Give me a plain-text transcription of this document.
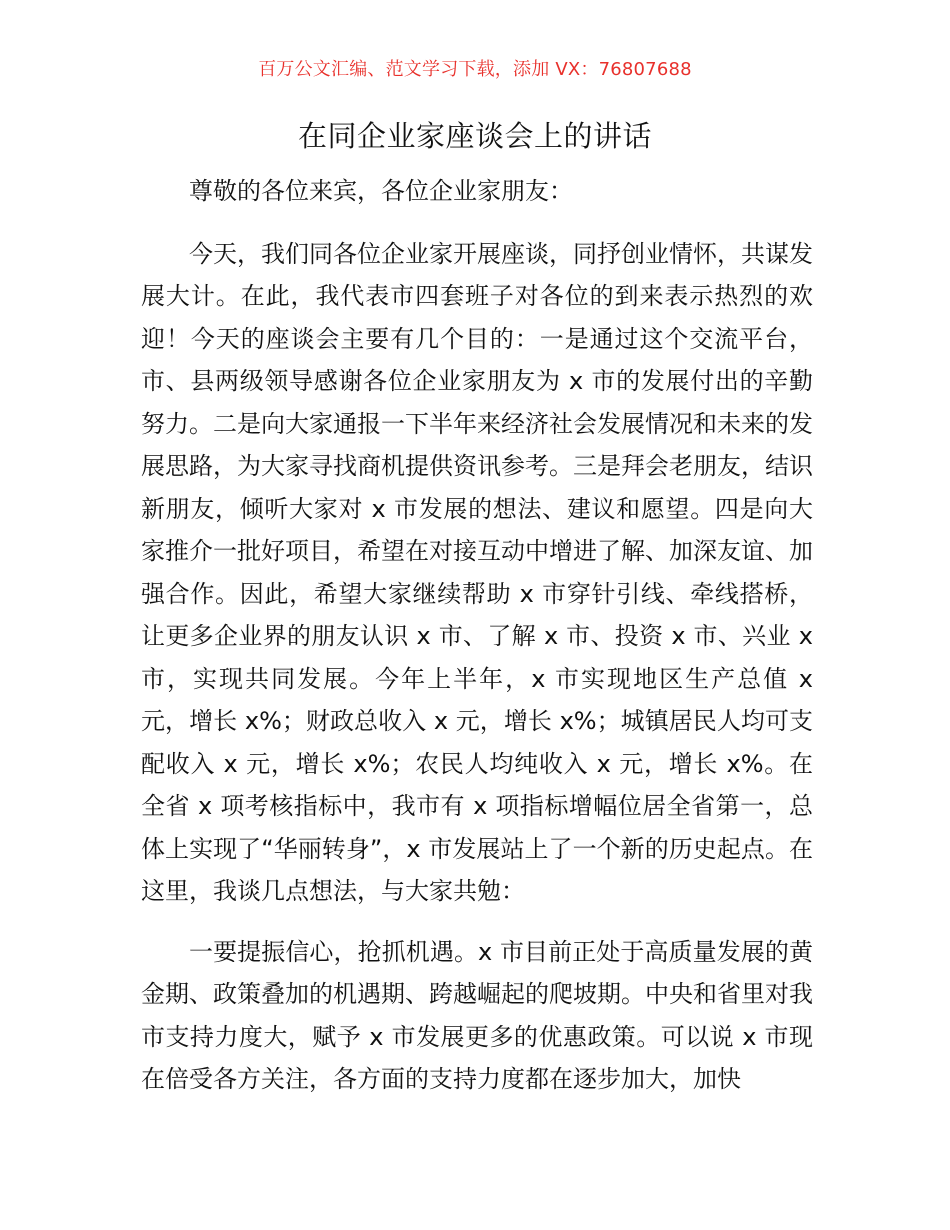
百万公文汇编、范文学习下载，添加 VX：76807688
在同企业家座谈会上的讲话

尊敬的各位来宾，各位企业家朋友：

今天，我们同各位企业家开展座谈，同抒创业情怀，共谋发展大计。在此，我代表市四套班子对各位的到来表示热烈的欢迎！今天的座谈会主要有几个目的：一是通过这个交流平台，市、县两级领导感谢各位企业家朋友为 x 市的发展付出的辛勤努力。二是向大家通报一下半年来经济社会发展情况和未来的发展思路，为大家寻找商机提供资讯参考。三是拜会老朋友，结识新朋友，倾听大家对 x 市发展的想法、建议和愿望。四是向大家推介一批好项目，希望在对接互动中增进了解、加深友谊、加强合作。因此，希望大家继续帮助 x 市穿针引线、牵线搭桥，让更多企业界的朋友认识 x 市、了解 x 市、投资 x 市、兴业 x 市，实现共同发展。今年上半年，x 市实现地区生产总值 x 元，增长 x%；财政总收入 x 元，增长 x%；城镇居民人均可支配收入 x 元，增长 x%；农民人均纯收入 x 元，增长 x%。在全省 x 项考核指标中，我市有 x 项指标增幅位居全省第一，总体上实现了“华丽转身”，x 市发展站上了一个新的历史起点。在这里，我谈几点想法，与大家共勉：

一要提振信心，抢抓机遇。x 市目前正处于高质量发展的黄金期、政策叠加的机遇期、跨越崛起的爬坡期。中央和省里对我市支持力度大，赋予 x 市发展更多的优惠政策。可以说 x 市现在倍受各方关注，各方面的支持力度都在逐步加大，加快
